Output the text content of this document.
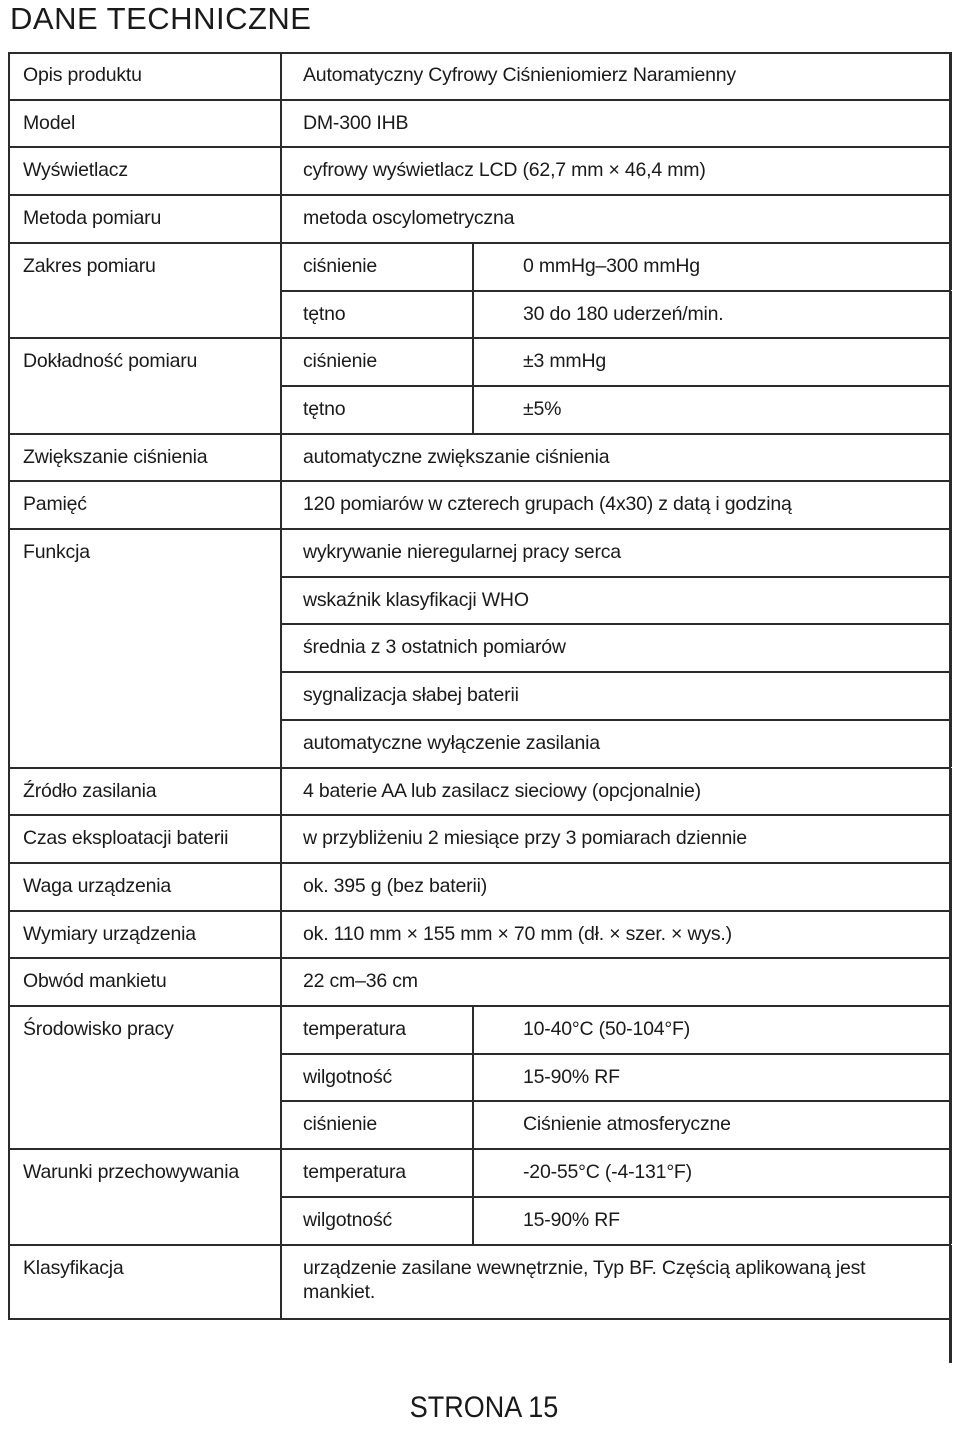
DANE TECHNICZNE
Opis produktu	Automatyczny Cyfrowy Ciśnieniomierz Naramienny
Model	DM-300 IHB
Wyświetlacz	cyfrowy wyświetlacz LCD (62,7 mm × 46,4 mm)
Metoda pomiaru	metoda oscylometryczna
Zakres pomiaru	ciśnienie	0 mmHg–300 mmHg
tętno	30 do 180 uderzeń/min.
Dokładność pomiaru	ciśnienie	±3 mmHg
tętno	±5%
Zwiększanie ciśnienia	automatyczne zwiększanie ciśnienia
Pamięć	120 pomiarów w czterech grupach (4x30) z datą i godziną
Funkcja	wykrywanie nieregularnej pracy serca
wskaźnik klasyfikacji WHO
średnia z 3 ostatnich pomiarów
sygnalizacja słabej baterii
automatyczne wyłączenie zasilania
Źródło zasilania	4 baterie AA lub zasilacz sieciowy (opcjonalnie)
Czas eksploatacji baterii	w przybliżeniu 2 miesiące przy 3 pomiarach dziennie
Waga urządzenia	ok. 395 g (bez baterii)
Wymiary urządzenia	ok. 110 mm × 155 mm × 70 mm (dł. × szer. × wys.)
Obwód mankietu	22 cm–36 cm
Środowisko pracy	temperatura	10-40°C (50-104°F)
wilgotność	15-90% RF
ciśnienie	Ciśnienie atmosferyczne
Warunki przechowywania	temperatura	-20-55°C (-4-131°F)
wilgotność	15-90% RF
Klasyfikacja	urządzenie zasilane wewnętrznie, Typ BF. Częścią aplikowaną jest mankiet.
STRONA 15
